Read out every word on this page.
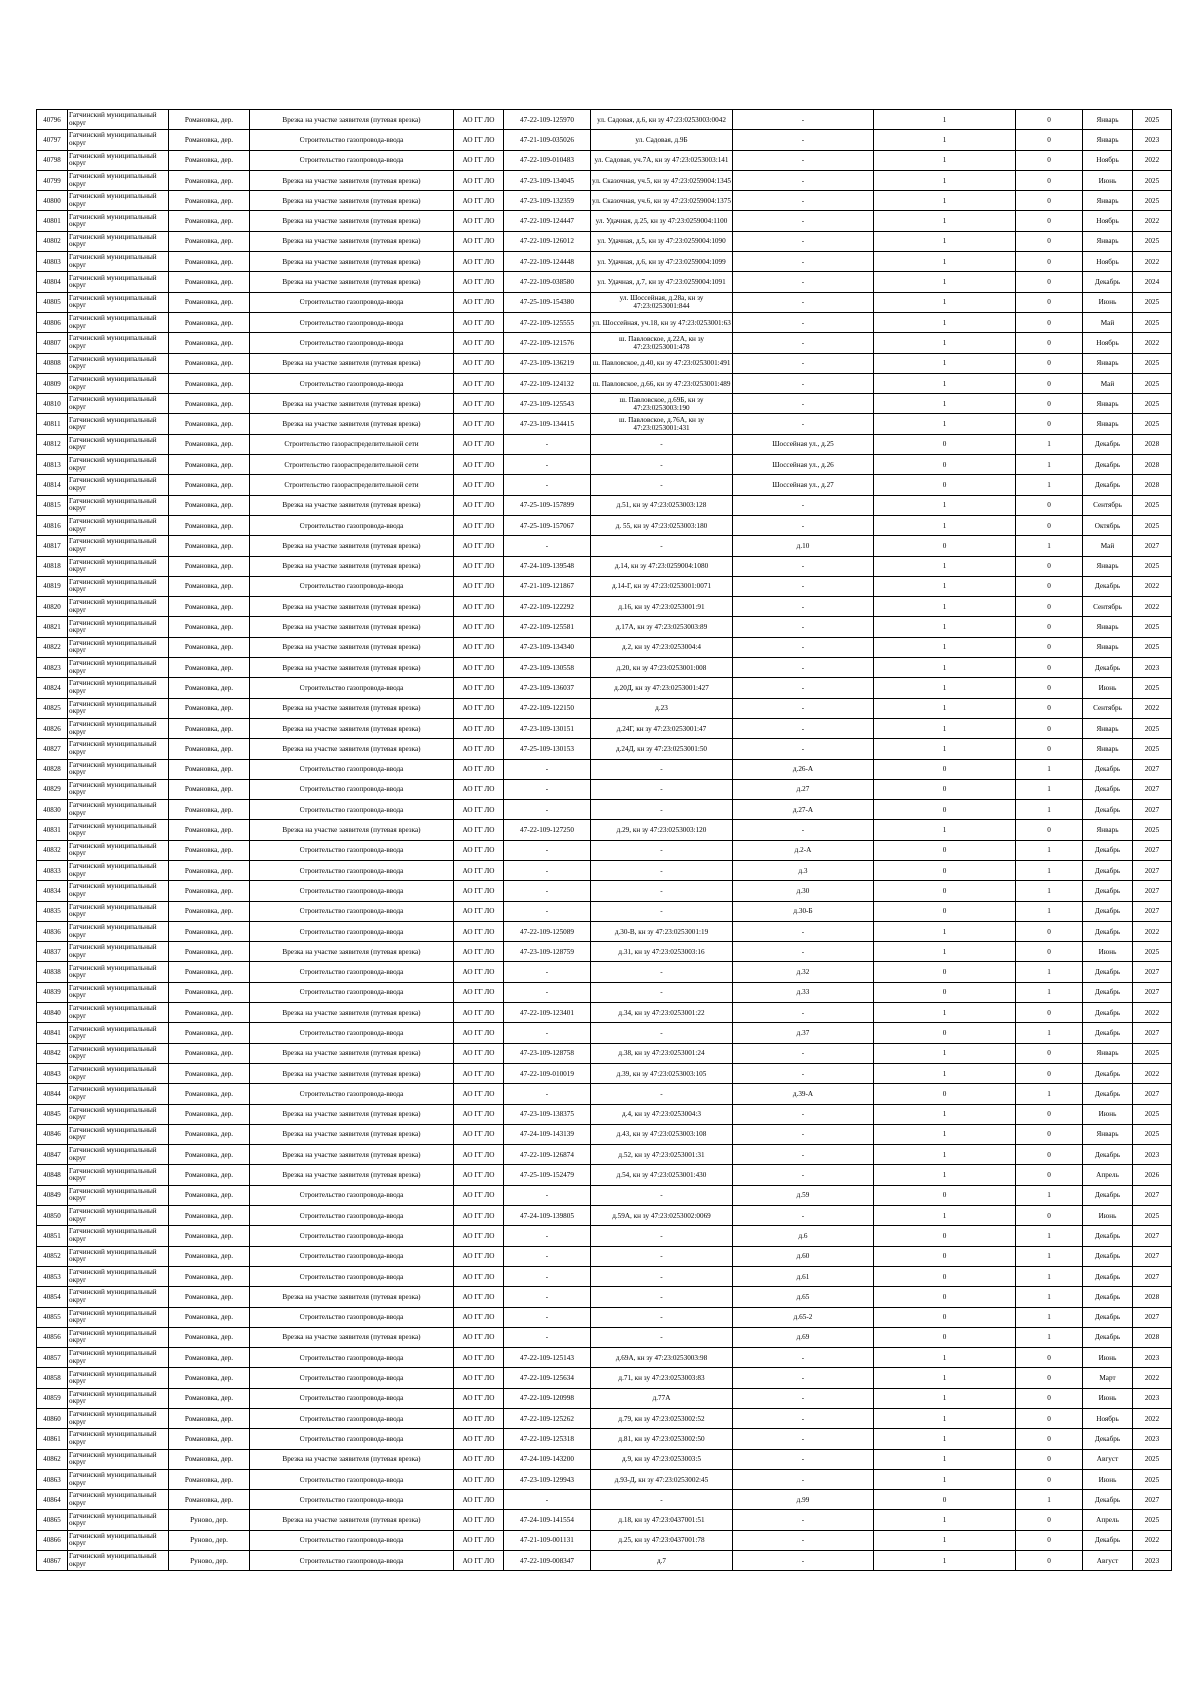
40796	Гатчинский муниципальный округ	Романовка, дер.	Врезка на участке заявителя (путевая врезка)	АО ГГ ЛО	47-22-109-125970	ул. Садовая, д.6, кн зу 47:23:0253003:0042	-	1	0	Январь	2025
40797	Гатчинский муниципальный округ	Романовка, дер.	Строительство газопровода-ввода	АО ГГ ЛО	47-21-109-035026	ул. Садовая, д.9Б	-	1	0	Январь	2023
40798	Гатчинский муниципальный округ	Романовка, дер.	Строительство газопровода-ввода	АО ГГ ЛО	47-22-109-010483	ул. Садовая, уч.7А, кн зу 47:23:0253003:141	-	1	0	Ноябрь	2022
40799	Гатчинский муниципальный округ	Романовка, дер.	Врезка на участке заявителя (путевая врезка)	АО ГГ ЛО	47-23-109-134045	ул. Сказочная, уч.5, кн зу 47:23:0259004:1345	-	1	0	Июнь	2025
40800	Гатчинский муниципальный округ	Романовка, дер.	Врезка на участке заявителя (путевая врезка)	АО ГГ ЛО	47-23-109-132359	ул. Сказочная, уч.6, кн зу 47:23:0259004:1375	-	1	0	Январь	2025
40801	Гатчинский муниципальный округ	Романовка, дер.	Врезка на участке заявителя (путевая врезка)	АО ГГ ЛО	47-22-109-124447	ул. Удачная, д.25, кн зу 47:23:0259004:1100	-	1	0	Ноябрь	2022
40802	Гатчинский муниципальный округ	Романовка, дер.	Врезка на участке заявителя (путевая врезка)	АО ГГ ЛО	47-22-109-126012	ул. Удачная, д.5, кн зу 47:23:0259004:1090	-	1	0	Январь	2025
40803	Гатчинский муниципальный округ	Романовка, дер.	Врезка на участке заявителя (путевая врезка)	АО ГГ ЛО	47-22-109-124448	ул. Удачная, д.6, кн зу 47:23:0259004:1099	-	1	0	Ноябрь	2022
40804	Гатчинский муниципальный округ	Романовка, дер.	Врезка на участке заявителя (путевая врезка)	АО ГГ ЛО	47-22-109-038580	ул. Удачная, д.7, кн зу 47:23:0259004:1091	-	1	0	Декабрь	2024
40805	Гатчинский муниципальный округ	Романовка, дер.	Строительство газопровода-ввода	АО ГГ ЛО	47-25-109-154380	ул. Шоссейная, д.28а, кн зу 47:23:0253001:844	-	1	0	Июнь	2025
40806	Гатчинский муниципальный округ	Романовка, дер.	Строительство газопровода-ввода	АО ГГ ЛО	47-22-109-125555	ул. Шоссейная, уч.18, кн зу 47:23:0253001:63	-	1	0	Май	2025
40807	Гатчинский муниципальный округ	Романовка, дер.	Строительство газопровода-ввода	АО ГГ ЛО	47-22-109-121576	ш. Павловское, д.22А, кн зу 47:23:0253001:478	-	1	0	Ноябрь	2022
40808	Гатчинский муниципальный округ	Романовка, дер.	Врезка на участке заявителя (путевая врезка)	АО ГГ ЛО	47-23-109-136219	ш. Павловское, д.40, кн зу 47:23:0253001:491	-	1	0	Январь	2025
40809	Гатчинский муниципальный округ	Романовка, дер.	Строительство газопровода-ввода	АО ГГ ЛО	47-22-109-124132	ш. Павловское, д.66, кн зу 47:23:0253001:489	-	1	0	Май	2025
40810	Гатчинский муниципальный округ	Романовка, дер.	Врезка на участке заявителя (путевая врезка)	АО ГГ ЛО	47-23-109-125543	ш. Павловское, д.69Б, кн зу 47:23:0253003:190	-	1	0	Январь	2025
40811	Гатчинский муниципальный округ	Романовка, дер.	Врезка на участке заявителя (путевая врезка)	АО ГГ ЛО	47-23-109-134415	ш. Павловское, д.76А, кн зу 47:23:0253001:431	-	1	0	Январь	2025
40812	Гатчинский муниципальный округ	Романовка, дер.	Строительство газораспределительной сети	АО ГГ ЛО	-	-	Шоссейная ул., д.25	0	1	Декабрь	2028
40813	Гатчинский муниципальный округ	Романовка, дер.	Строительство газораспределительной сети	АО ГГ ЛО	-	-	Шоссейная ул., д.26	0	1	Декабрь	2028
40814	Гатчинский муниципальный округ	Романовка, дер.	Строительство газораспределительной сети	АО ГГ ЛО	-	-	Шоссейная ул., д.27	0	1	Декабрь	2028
40815	Гатчинский муниципальный округ	Романовка, дер.	Врезка на участке заявителя (путевая врезка)	АО ГГ ЛО	47-25-109-157899	д.51, кн зу 47:23:0253003:128	-	1	0	Сентябрь	2025
40816	Гатчинский муниципальный округ	Романовка, дер.	Строительство газопровода-ввода	АО ГГ ЛО	47-25-109-157067	д. 55, кн зу 47:23:0253003:180	-	1	0	Октябрь	2025
40817	Гатчинский муниципальный округ	Романовка, дер.	Врезка на участке заявителя (путевая врезка)	АО ГГ ЛО	-	-	д.10	0	1	Май	2027
40818	Гатчинский муниципальный округ	Романовка, дер.	Врезка на участке заявителя (путевая врезка)	АО ГГ ЛО	47-24-109-139548	д.14, кн зу 47:23:0259004:1080	-	1	0	Январь	2025
40819	Гатчинский муниципальный округ	Романовка, дер.	Строительство газопровода-ввода	АО ГГ ЛО	47-21-109-121867	д.14-Г, кн зу 47:23:0253001:0071	-	1	0	Декабрь	2022
40820	Гатчинский муниципальный округ	Романовка, дер.	Врезка на участке заявителя (путевая врезка)	АО ГГ ЛО	47-22-109-122292	д.16, кн зу 47:23:0253001:91	-	1	0	Сентябрь	2022
40821	Гатчинский муниципальный округ	Романовка, дер.	Врезка на участке заявителя (путевая врезка)	АО ГГ ЛО	47-22-109-125581	д.17А, кн зу 47:23:0253003:89	-	1	0	Январь	2025
40822	Гатчинский муниципальный округ	Романовка, дер.	Врезка на участке заявителя (путевая врезка)	АО ГГ ЛО	47-23-109-134340	д.2, кн зу 47:23:0253004:4	-	1	0	Январь	2025
40823	Гатчинский муниципальный округ	Романовка, дер.	Врезка на участке заявителя (путевая врезка)	АО ГГ ЛО	47-23-109-130558	д.20, кн зу 47:23:0253001:008	-	1	0	Декабрь	2023
40824	Гатчинский муниципальный округ	Романовка, дер.	Строительство газопровода-ввода	АО ГГ ЛО	47-23-109-136037	д.20Д, кн зу 47:23:0253001:427	-	1	0	Июнь	2025
40825	Гатчинский муниципальный округ	Романовка, дер.	Врезка на участке заявителя (путевая врезка)	АО ГГ ЛО	47-22-109-122150	д.23	-	1	0	Сентябрь	2022
40826	Гатчинский муниципальный округ	Романовка, дер.	Врезка на участке заявителя (путевая врезка)	АО ГГ ЛО	47-23-109-130151	д.24Г, кн зу 47:23:0253001:47	-	1	0	Январь	2025
40827	Гатчинский муниципальный округ	Романовка, дер.	Врезка на участке заявителя (путевая врезка)	АО ГГ ЛО	47-25-109-130153	д.24Д, кн зу 47:23:0253001:50	-	1	0	Январь	2025
40828	Гатчинский муниципальный округ	Романовка, дер.	Строительство газопровода-ввода	АО ГГ ЛО	-	-	д.26-А	0	1	Декабрь	2027
40829	Гатчинский муниципальный округ	Романовка, дер.	Строительство газопровода-ввода	АО ГГ ЛО	-	-	д.27	0	1	Декабрь	2027
40830	Гатчинский муниципальный округ	Романовка, дер.	Строительство газопровода-ввода	АО ГГ ЛО	-	-	д.27-А	0	1	Декабрь	2027
40831	Гатчинский муниципальный округ	Романовка, дер.	Врезка на участке заявителя (путевая врезка)	АО ГГ ЛО	47-22-109-127250	д.29, кн зу 47:23:0253003:120	-	1	0	Январь	2025
40832	Гатчинский муниципальный округ	Романовка, дер.	Строительство газопровода-ввода	АО ГГ ЛО	-	-	д.2-А	0	1	Декабрь	2027
40833	Гатчинский муниципальный округ	Романовка, дер.	Строительство газопровода-ввода	АО ГГ ЛО	-	-	д.3	0	1	Декабрь	2027
40834	Гатчинский муниципальный округ	Романовка, дер.	Строительство газопровода-ввода	АО ГГ ЛО	-	-	д.30	0	1	Декабрь	2027
40835	Гатчинский муниципальный округ	Романовка, дер.	Строительство газопровода-ввода	АО ГГ ЛО	-	-	д.30-Б	0	1	Декабрь	2027
40836	Гатчинский муниципальный округ	Романовка, дер.	Строительство газопровода-ввода	АО ГГ ЛО	47-22-109-125089	д.30-В, кн зу 47:23:0253001:19	-	1	0	Декабрь	2022
40837	Гатчинский муниципальный округ	Романовка, дер.	Врезка на участке заявителя (путевая врезка)	АО ГГ ЛО	47-23-109-128759	д.31, кн зу 47:23:0253003:16	-	1	0	Июнь	2025
40838	Гатчинский муниципальный округ	Романовка, дер.	Строительство газопровода-ввода	АО ГГ ЛО	-	-	д.32	0	1	Декабрь	2027
40839	Гатчинский муниципальный округ	Романовка, дер.	Строительство газопровода-ввода	АО ГГ ЛО	-	-	д.33	0	1	Декабрь	2027
40840	Гатчинский муниципальный округ	Романовка, дер.	Врезка на участке заявителя (путевая врезка)	АО ГГ ЛО	47-22-109-123401	д.34, кн зу 47:23:0253001:22	-	1	0	Декабрь	2022
40841	Гатчинский муниципальный округ	Романовка, дер.	Строительство газопровода-ввода	АО ГГ ЛО	-	-	д.37	0	1	Декабрь	2027
40842	Гатчинский муниципальный округ	Романовка, дер.	Врезка на участке заявителя (путевая врезка)	АО ГГ ЛО	47-23-109-128758	д.38, кн зу 47:23:0253001:24	-	1	0	Январь	2025
40843	Гатчинский муниципальный округ	Романовка, дер.	Врезка на участке заявителя (путевая врезка)	АО ГГ ЛО	47-22-109-010019	д.39, кн зу 47:23:0253003:105	-	1	0	Декабрь	2022
40844	Гатчинский муниципальный округ	Романовка, дер.	Строительство газопровода-ввода	АО ГГ ЛО	-	-	д.39-А	0	1	Декабрь	2027
40845	Гатчинский муниципальный округ	Романовка, дер.	Врезка на участке заявителя (путевая врезка)	АО ГГ ЛО	47-23-109-138375	д.4, кн зу 47:23:0253004:3	-	1	0	Июнь	2025
40846	Гатчинский муниципальный округ	Романовка, дер.	Врезка на участке заявителя (путевая врезка)	АО ГГ ЛО	47-24-109-143139	д.43, кн зу 47:23:0253003:108	-	1	0	Январь	2025
40847	Гатчинский муниципальный округ	Романовка, дер.	Врезка на участке заявителя (путевая врезка)	АО ГГ ЛО	47-22-109-126874	д.52, кн зу 47:23:0253001:31	-	1	0	Декабрь	2023
40848	Гатчинский муниципальный округ	Романовка, дер.	Врезка на участке заявителя (путевая врезка)	АО ГГ ЛО	47-25-109-152479	д.54, кн зу 47:23:0253001:430	-	1	0	Апрель	2026
40849	Гатчинский муниципальный округ	Романовка, дер.	Строительство газопровода-ввода	АО ГГ ЛО	-	-	д.59	0	1	Декабрь	2027
40850	Гатчинский муниципальный округ	Романовка, дер.	Строительство газопровода-ввода	АО ГГ ЛО	47-24-109-139805	д.59А, кн зу 47:23:0253002:0069	-	1	0	Июнь	2025
40851	Гатчинский муниципальный округ	Романовка, дер.	Строительство газопровода-ввода	АО ГГ ЛО	-	-	д.6	0	1	Декабрь	2027
40852	Гатчинский муниципальный округ	Романовка, дер.	Строительство газопровода-ввода	АО ГГ ЛО	-	-	д.60	0	1	Декабрь	2027
40853	Гатчинский муниципальный округ	Романовка, дер.	Строительство газопровода-ввода	АО ГГ ЛО	-	-	д.61	0	1	Декабрь	2027
40854	Гатчинский муниципальный округ	Романовка, дер.	Врезка на участке заявителя (путевая врезка)	АО ГГ ЛО	-	-	д.65	0	1	Декабрь	2028
40855	Гатчинский муниципальный округ	Романовка, дер.	Строительство газопровода-ввода	АО ГГ ЛО	-	-	д.65-2	0	1	Декабрь	2027
40856	Гатчинский муниципальный округ	Романовка, дер.	Врезка на участке заявителя (путевая врезка)	АО ГГ ЛО	-	-	д.69	0	1	Декабрь	2028
40857	Гатчинский муниципальный округ	Романовка, дер.	Строительство газопровода-ввода	АО ГГ ЛО	47-22-109-125143	д.69А, кн зу 47:23:0253003:98	-	1	0	Июнь	2023
40858	Гатчинский муниципальный округ	Романовка, дер.	Строительство газопровода-ввода	АО ГГ ЛО	47-22-109-125634	д.71, кн зу 47:23:0253003:83	-	1	0	Март	2022
40859	Гатчинский муниципальный округ	Романовка, дер.	Строительство газопровода-ввода	АО ГГ ЛО	47-22-109-120998	д.77А	-	1	0	Июнь	2023
40860	Гатчинский муниципальный округ	Романовка, дер.	Строительство газопровода-ввода	АО ГГ ЛО	47-22-109-125262	д.79, кн зу 47:23:0253002:52	-	1	0	Ноябрь	2022
40861	Гатчинский муниципальный округ	Романовка, дер.	Строительство газопровода-ввода	АО ГГ ЛО	47-22-109-125318	д.81, кн зу 47:23:0253002:50	-	1	0	Декабрь	2023
40862	Гатчинский муниципальный округ	Романовка, дер.	Врезка на участке заявителя (путевая врезка)	АО ГГ ЛО	47-24-109-143200	д.9, кн зу 47:23:0253003:5	-	1	0	Август	2025
40863	Гатчинский муниципальный округ	Романовка, дер.	Строительство газопровода-ввода	АО ГГ ЛО	47-23-109-129943	д.93-Д, кн зу 47:23:0253002:45	-	1	0	Июнь	2025
40864	Гатчинский муниципальный округ	Романовка, дер.	Строительство газопровода-ввода	АО ГГ ЛО	-	-	д.99	0	1	Декабрь	2027
40865	Гатчинский муниципальный округ	Руново, дер.	Врезка на участке заявителя (путевая врезка)	АО ГГ ЛО	47-24-109-141554	д.18, кн зу 47:23:0437001:51	-	1	0	Апрель	2025
40866	Гатчинский муниципальный округ	Руново, дер.	Строительство газопровода-ввода	АО ГГ ЛО	47-21-109-001131	д.25, кн зу 47:23:0437001:78	-	1	0	Декабрь	2022
40867	Гатчинский муниципальный округ	Руново, дер.	Строительство газопровода-ввода	АО ГГ ЛО	47-22-109-008347	д.7	-	1	0	Август	2023
